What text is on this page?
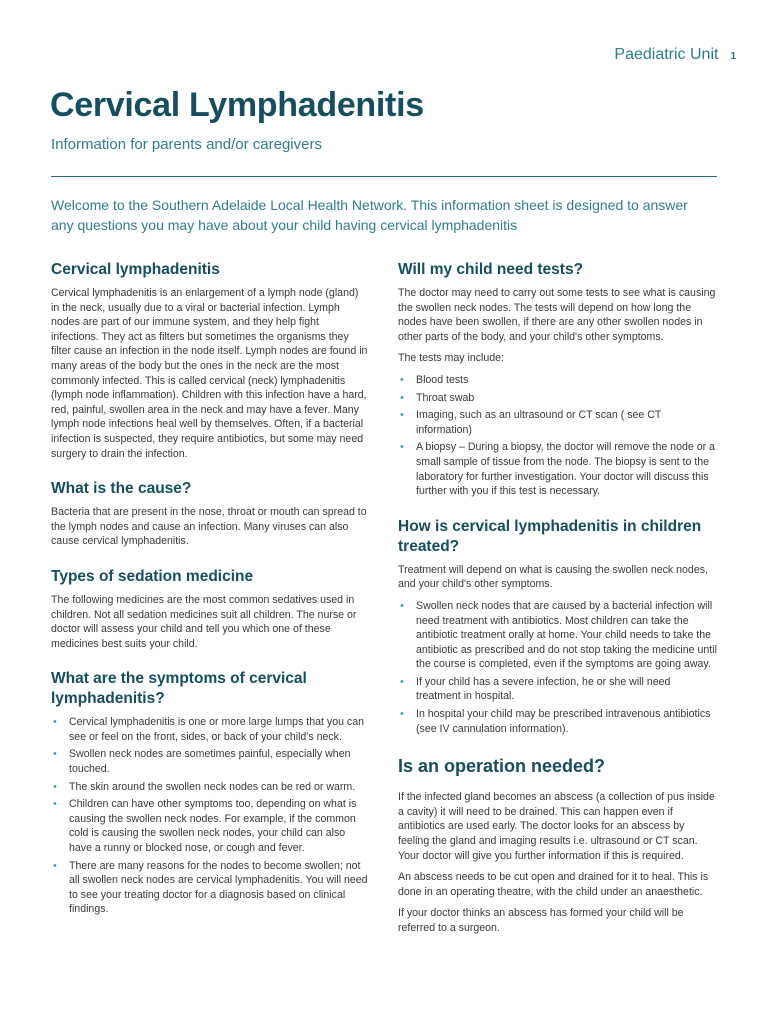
Paediatric Unit 1
Cervical Lymphadenitis
Information for parents and/or caregivers

Welcome to the Southern Adelaide Local Health Network. This information sheet is designed to answer any questions you may have about your child having cervical lymphadenitis

Cervical lymphadenitis

Cervical lymphadenitis is an enlargement of a lymph node (gland) in the neck, usually due to a viral or bacterial infection. Lymph nodes are part of our immune system, and they help fight infections. They act as filters but sometimes the organisms they filter cause an infection in the node itself. Lymph nodes are found in many areas of the body but the ones in the neck are the most commonly infected. This is called cervical (neck) lymphadenitis (lymph node inflammation). Children with this infection have a hard, red, painful, swollen area in the neck and may have a fever. Many lymph node infections heal well by themselves. Often, if a bacterial infection is suspected, they require antibiotics, but some may need surgery to drain the infection.

What is the cause?

Bacteria that are present in the nose, throat or mouth can spread to the lymph nodes and cause an infection. Many viruses can also cause cervical lymphadenitis.

Types of sedation medicine

The following medicines are the most common sedatives used in children. Not all sedation medicines suit all children. The nurse or doctor will assess your child and tell you which one of these medicines best suits your child.

What are the symptoms of cervical lymphadenitis?
• Cervical lymphadenitis is one or more large lumps that you can see or feel on the front, sides, or back of your child's neck.
• Swollen neck nodes are sometimes painful, especially when touched.
• The skin around the swollen neck nodes can be red or warm.
• Children can have other symptoms too, depending on what is causing the swollen neck nodes. For example, if the common cold is causing the swollen neck nodes, your child can also have a runny or blocked nose, or cough and fever.
• There are many reasons for the nodes to become swollen; not all swollen neck nodes are cervical lymphadenitis. You will need to see your treating doctor for a diagnosis based on clinical findings.
Will my child need tests?

The doctor may need to carry out some tests to see what is causing the swollen neck nodes. The tests will depend on how long the nodes have been swollen, if there are any other swollen nodes in other parts of the body, and your child's other symptoms.

The tests may include:

• Blood tests
• Throat swab
• Imaging, such as an ultrasound or CT scan ( see CT information)
• A biopsy – During a biopsy, the doctor will remove the node or a small sample of tissue from the node. The biopsy is sent to the laboratory for further investigation. Your doctor will discuss this further with you if this test is necessary.
How is cervical lymphadenitis in children treated?

Treatment will depend on what is causing the swollen neck nodes, and your child's other symptoms.

• Swollen neck nodes that are caused by a bacterial infection will need treatment with antibiotics. Most children can take the antibiotic treatment orally at home. Your child needs to take the antibiotic as prescribed and do not stop taking the medicine until the course is completed, even if the symptoms are going away.
• If your child has a severe infection, he or she will need treatment in hospital.
• In hospital your child may be prescribed intravenous antibiotics (see IV cannulation information).
Is an operation needed?

If the infected gland becomes an abscess (a collection of pus inside a cavity) it will need to be drained. This can happen even if antibiotics are used early. The doctor looks for an abscess by feeling the gland and imaging results i.e. ultrasound or CT scan. Your doctor will give you further information if this is required.

An abscess needs to be cut open and drained for it to heal. This is done in an operating theatre, with the child under an anaesthetic.

If your doctor thinks an abscess has formed your child will be referred to a surgeon.
